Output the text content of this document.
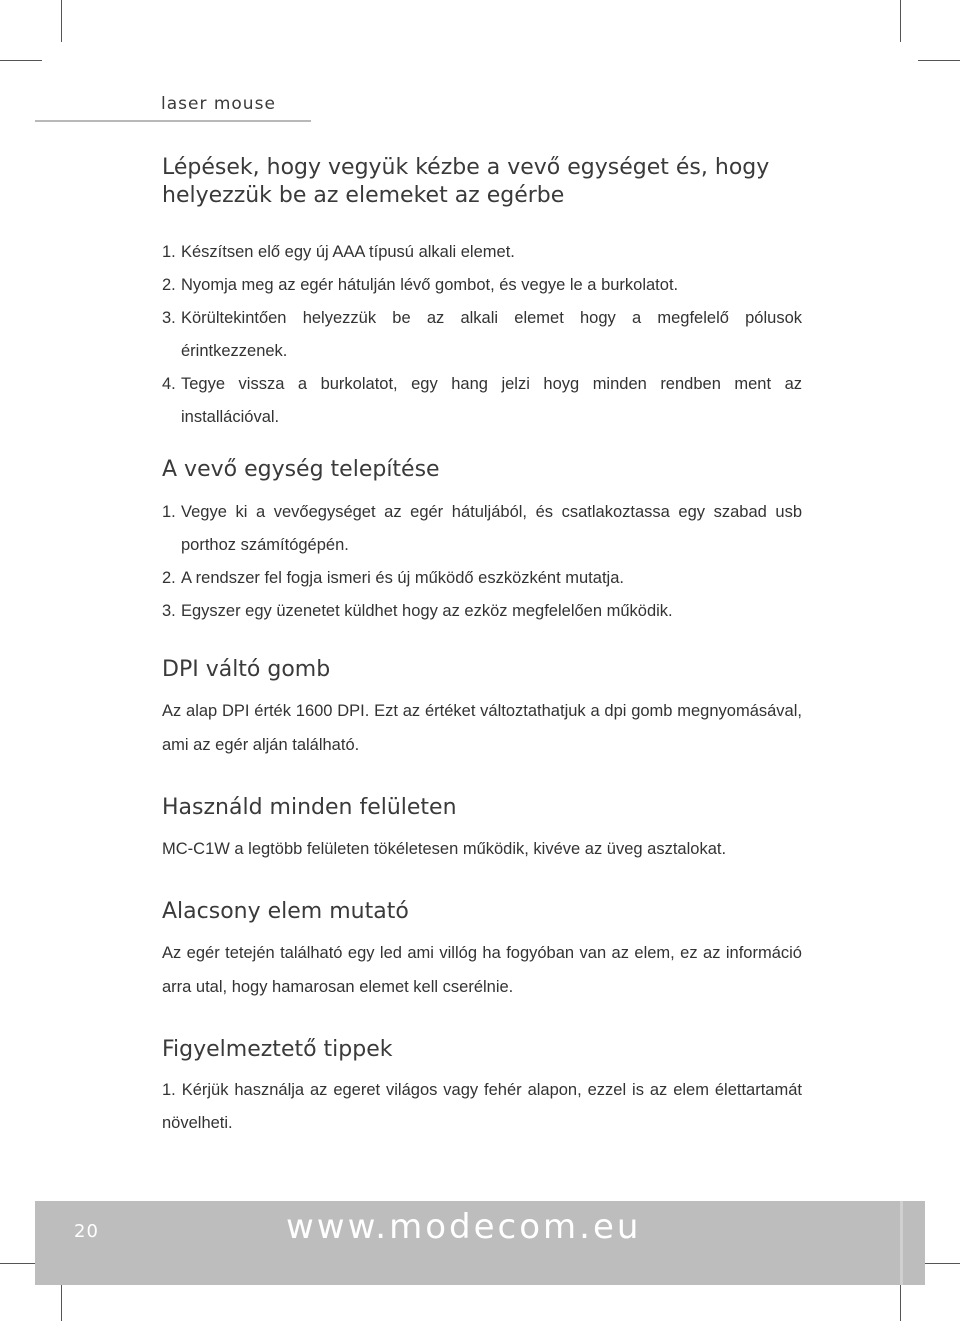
laser mouse
Lépések, hogy vegyük kézbe a vevő egységet és, hogy helyezzük be az elemeket az egérbe
1. Készítsen elő egy új AAA típusú alkali elemet.
2. Nyomja meg az egér hátulján lévő gombot, és vegye le a burkolatot.
3. Körültekintően helyezzük be az alkali elemet hogy a megfelelő pólusok érintkezzenek.
4. Tegye vissza a burkolatot, egy hang jelzi hoyg minden rendben ment az installációval.
A vevő egység telepítése
1. Vegye ki a vevőegységet az egér hátuljából, és csatlakoztassa egy szabad usb porthoz számítógépén.
2. A rendszer fel fogja ismeri és új működő eszközként mutatja.
3. Egyszer egy üzenetet küldhet hogy az ezköz megfelelően működik.
DPI váltó gomb

Az alap DPI érték 1600 DPI. Ezt az értéket változtathatjuk a dpi gomb megnyomásával, ami az egér alján található.

Használd minden felületen

MC-C1W a legtöbb felületen tökéletesen működik, kivéve az üveg asztalokat.

Alacsony elem mutató

Az egér tetején található egy led ami villóg ha fogyóban van az elem, ez az információ arra utal, hogy hamarosan elemet kell cserélnie.

Figyelmeztető tippek
1. Kérjük használja az egeret világos vagy fehér alapon, ezzel is az elem élettartamát növelheti.
20	www.modecom.eu
